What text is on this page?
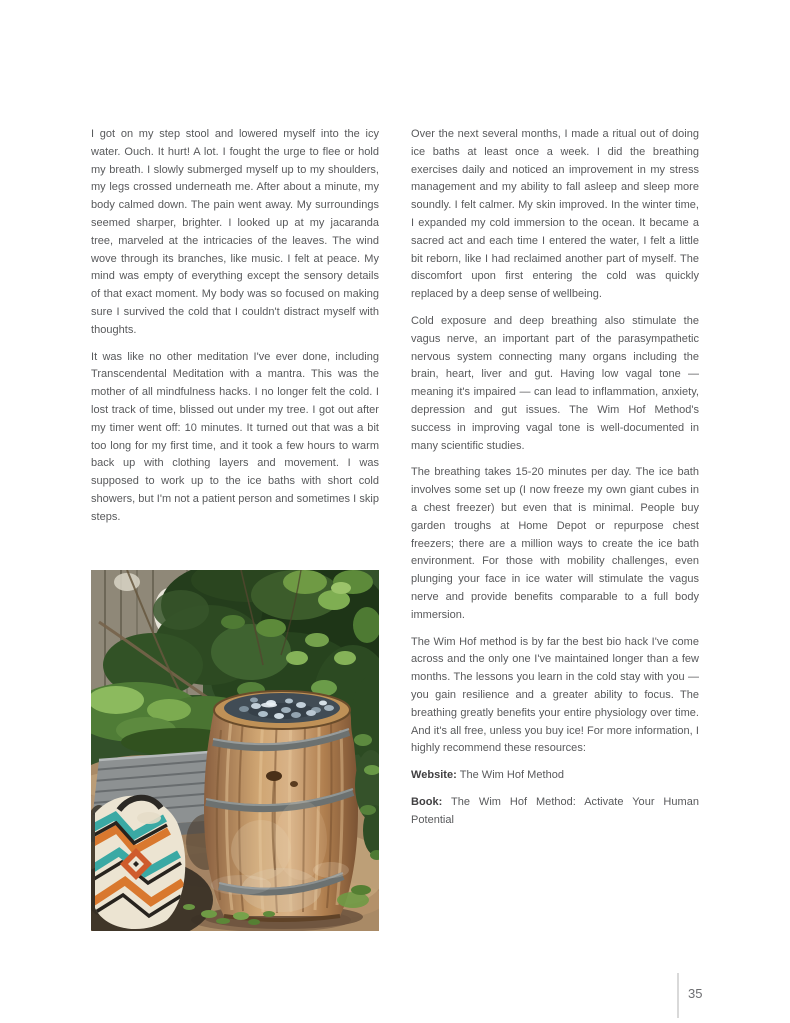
I got on my step stool and lowered myself into the icy water. Ouch. It hurt! A lot. I fought the urge to flee or hold my breath. I slowly submerged myself up to my shoulders, my legs crossed underneath me. After about a minute, my body calmed down. The pain went away. My surroundings seemed sharper, brighter. I looked up at my jacaranda tree, marveled at the intricacies of the leaves. The wind wove through its branches, like music. I felt at peace. My mind was empty of everything except the sensory details of that exact moment. My body was so focused on making sure I survived the cold that I couldn't distract myself with thoughts.

It was like no other meditation I've ever done, including Transcendental Meditation with a mantra. This was the mother of all mindfulness hacks. I no longer felt the cold. I lost track of time, blissed out under my tree. I got out after my timer went off: 10 minutes. It turned out that was a bit too long for my first time, and it took a few hours to warm back up with clothing layers and movement. I was supposed to work up to the ice baths with short cold showers, but I'm not a patient person and sometimes I skip steps.

Over the next several months, I made a ritual out of doing ice baths at least once a week. I did the breathing exercises daily and noticed an improvement in my stress management and my ability to fall asleep and sleep more soundly. I felt calmer. My skin improved. In the winter time, I expanded my cold immersion to the ocean. It became a sacred act and each time I entered the water, I felt a little bit reborn, like I had reclaimed another part of myself. The discomfort upon first entering the cold was quickly replaced by a deep sense of wellbeing.

Cold exposure and deep breathing also stimulate the vagus nerve, an important part of the parasympathetic nervous system connecting many organs including the brain, heart, liver and gut. Having low vagal tone — meaning it's impaired — can lead to inflammation, anxiety, depression and gut issues. The Wim Hof Method's success in improving vagal tone is well-documented in many scientific studies.

The breathing takes 15-20 minutes per day. The ice bath involves some set up (I now freeze my own giant cubes in a chest freezer) but even that is minimal. People buy garden troughs at Home Depot or repurpose chest freezers; there are a million ways to create the ice bath environment. For those with mobility challenges, even plunging your face in ice water will stimulate the vagus nerve and provide benefits comparable to a full body immersion.

The Wim Hof method is by far the best bio hack I've come across and the only one I've maintained longer than a few months. The lessons you learn in the cold stay with you — you gain resilience and a greater ability to focus. The breathing greatly benefits your entire physiology over time. And it's all free, unless you buy ice! For more information, I highly recommend these resources:

Website: The Wim Hof Method

Book: The Wim Hof Method: Activate Your Human Potential

35
